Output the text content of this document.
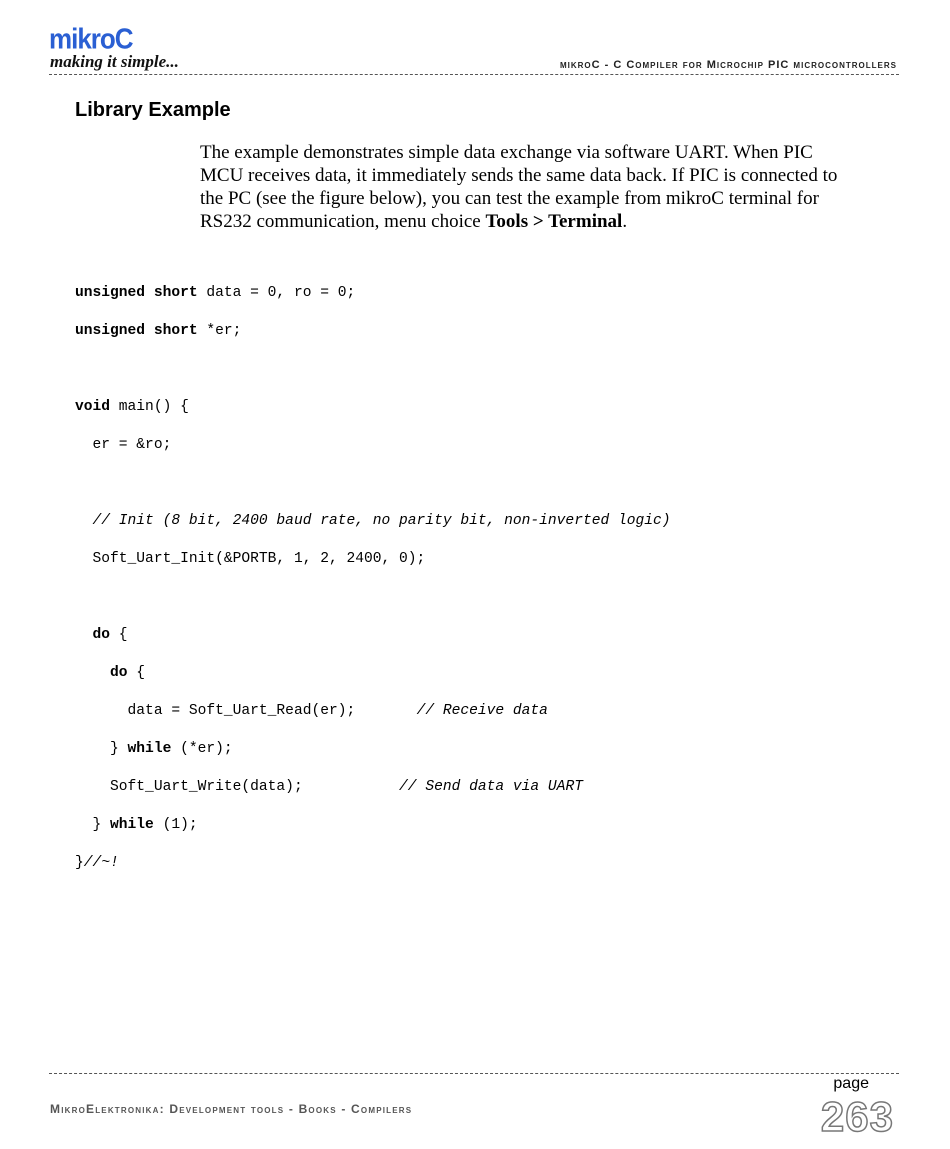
mikroC
making it simple...	mikroC - C Compiler for Microchip PIC microcontrollers
Library Example
The example demonstrates simple data exchange via software UART. When PIC MCU receives data, it immediately sends the same data back. If PIC is connected to the PC (see the figure below), you can test the example from mikroC terminal for RS232 communication, menu choice Tools > Terminal.

unsigned short data = 0, ro = 0;

unsigned short *er;

void main() {

er = &ro;

// Init (8 bit, 2400 baud rate, no parity bit, non-inverted logic)

Soft_Uart_Init(&PORTB, 1, 2, 2400, 0);

do {

do {

data = Soft_Uart_Read(er);       // Receive data

} while (*er);

Soft_Uart_Write(data);           // Send data via UART

} while (1);

}//~!

page
263
MikroElektronika: Development tools - Books - Compilers
